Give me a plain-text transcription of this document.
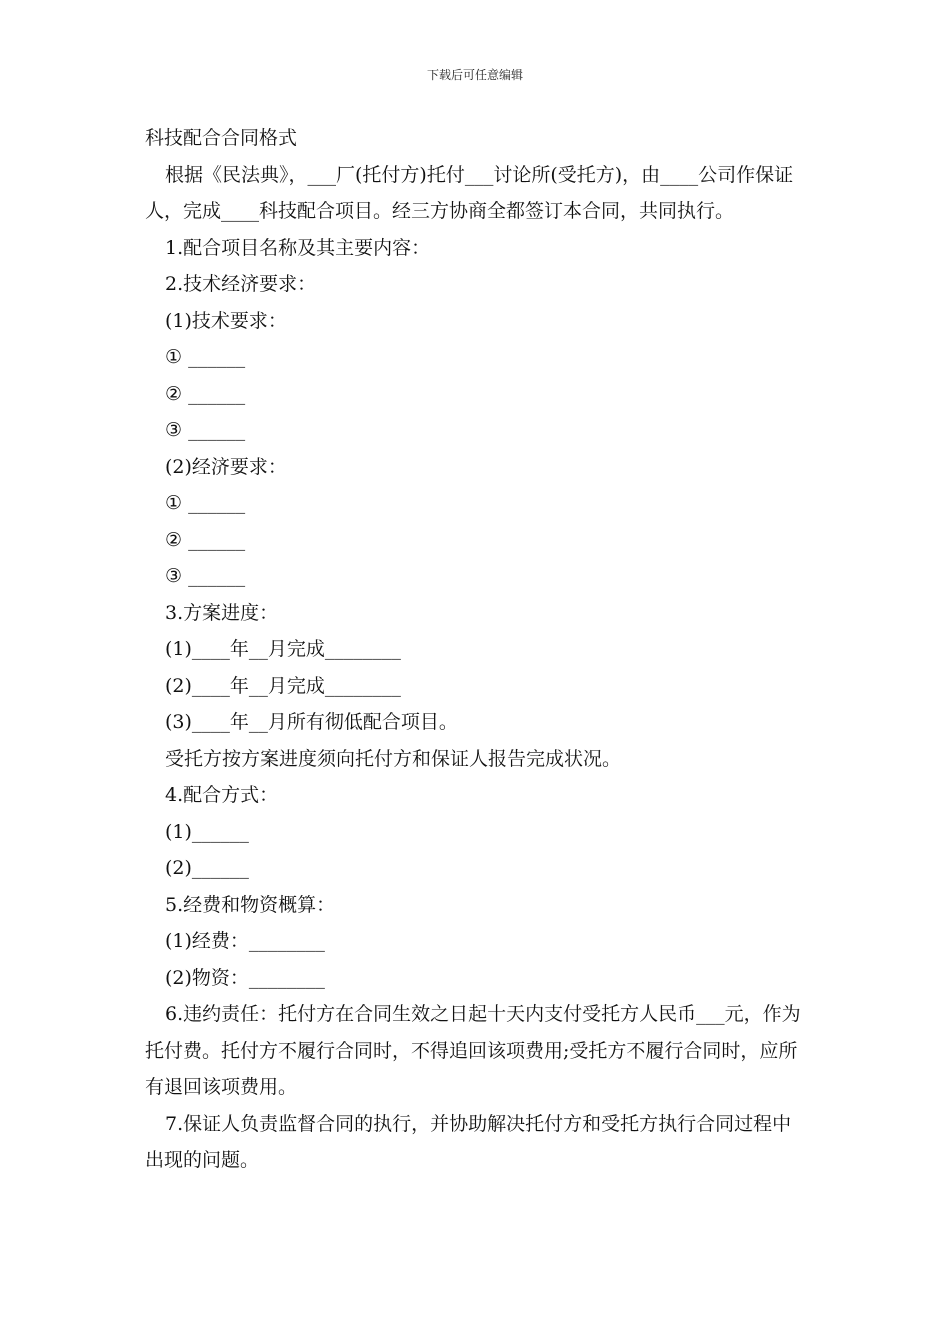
下载后可任意编辑

科技配合合同格式

根据《民法典》，___厂(托付方)托付___讨论所(受托方)，由____公司作保证人，完成____科技配合项目。经三方协商全都签订本合同，共同执行。

1.配合项目名称及其主要内容：

2.技术经济要求：

(1)技术要求：

① ______

② ______

③ ______

(2)经济要求：

① ______

② ______

③ ______

3.方案进度：

(1)____年__月完成________

(2)____年__月完成________

(3)____年__月所有彻低配合项目。

受托方按方案进度须向托付方和保证人报告完成状况。

4.配合方式：

(1)______

(2)______

5.经费和物资概算：

(1)经费：________

(2)物资：________

6.违约责任：托付方在合同生效之日起十天内支付受托方人民币___元，作为托付费。托付方不履行合同时，不得追回该项费用;受托方不履行合同时，应所有退回该项费用。

7.保证人负责监督合同的执行，并协助解决托付方和受托方执行合同过程中出现的问题。
